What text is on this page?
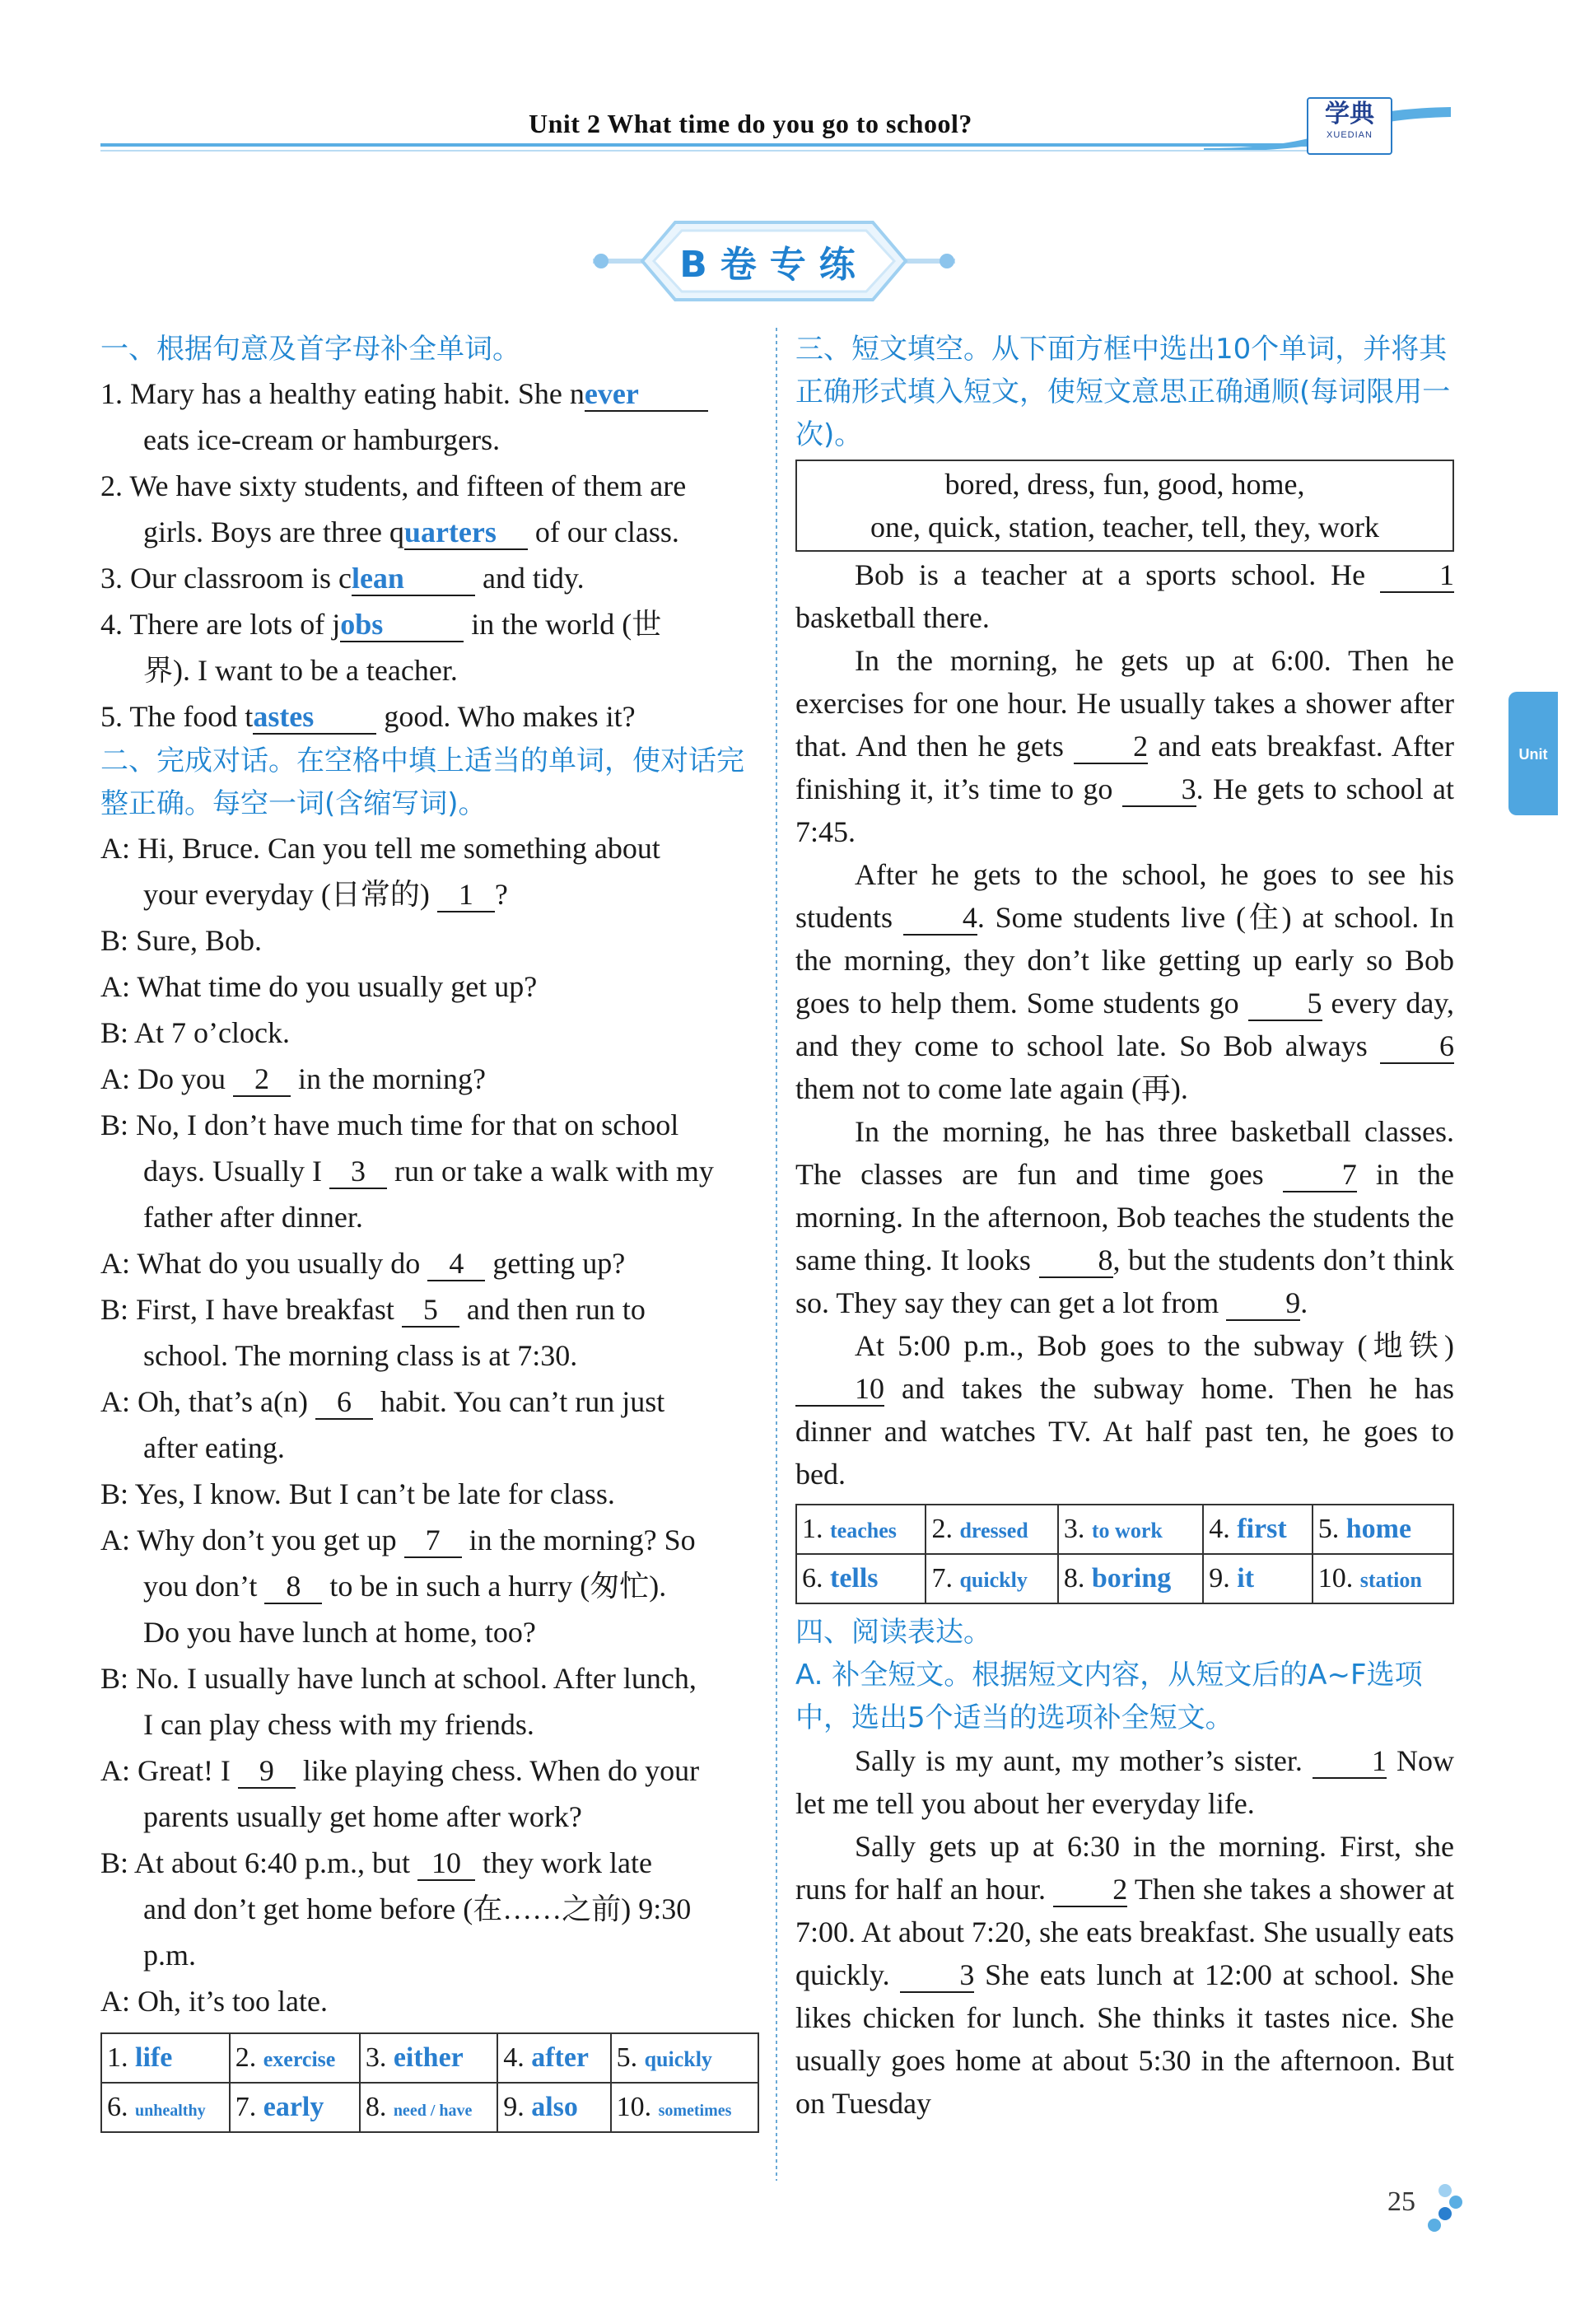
Unit 2 What time do you go to school?	学典
XUEDIAN
B卷专练
一、根据句意及首字母补全单词。
1. Mary has a healthy eating habit. She never
eats ice-cream or hamburgers.
2. We have sixty students, and fifteen of them are
girls. Boys are three quarters of our class.
3. Our classroom is clean and tidy.
4. There are lots of jobs	in the world (世
界). I want to be a teacher.
5. The food tastes good. Who makes it?
二、完成对话。在空格中填上适当的单词，使对话完整正确。每空一词(含缩写词)。
A: Hi, Bruce. Can you tell me something about
your everyday (日常的) 1 ?
B: Sure, Bob.
A: What time do you usually get up?
B: At 7 o’clock.
A: Do you 2 in the morning?
B: No, I don’t have much time for that on school
days. Usually I 3 run or take a walk with my
father after dinner.
A: What do you usually do 4 getting up?
B: First, I have breakfast 5 and then run to
school. The morning class is at 7:30.
A: Oh, that’s a(n) 6 habit. You can’t run just
after eating.
B: Yes, I know. But I can’t be late for class.
A: Why don’t you get up 7 in the morning? So
you don’t 8 to be in such a hurry (匆忙).
Do you have lunch at home, too?
B: No. I usually have lunch at school. After lunch,
I can play chess with my friends.
A: Great! I 9 like playing chess. When do your
parents usually get home after work?
B: At about 6:40 p.m., but 10 they work late
and don’t get home before (在……之前) 9:30
p.m.
A: Oh, it’s too late.
1. life	2. exercise	3. either	4. after	5. quickly
6. unhealthy	7. early	8. need / have	9. also	10. sometimes
三、短文填空。从下面方框中选出10个单词，并将其正确形式填入短文，使短文意思正确通顺(每词限用一次)。
bored, dress, fun, good, home,
one, quick, station, teacher, tell, they, work
Bob is a teacher at a sports school. He 1 basketball there.
In the morning, he gets up at 6:00. Then he exercises for one hour. He usually takes a shower after that. And then he gets 2 and eats breakfast. After finishing it, it’s time to go 3. He gets to school at 7:45.
After he gets to the school, he goes to see his students 4. Some students live (住) at school. In the morning, they don’t like getting up early so Bob goes to help them. Some students go 5 every day, and they come to school late. So Bob always 6 them not to come late again (再).
In the morning, he has three basketball classes. The classes are fun and time goes 7 in the morning. In the afternoon, Bob teaches the students the same thing. It looks 8, but the students don’t think so. They say they can get a lot from 9.
At 5:00 p.m., Bob goes to the subway (地铁) 10 and takes the subway home. Then he has dinner and watches TV. At half past ten, he goes to bed.
1. teaches	2. dressed	3. to work	4. first	5. home
6. tells	7. quickly	8. boring	9. it	10. station
四、阅读表达。
A. 补全短文。根据短文内容，从短文后的A~F选项中，选出5个适当的选项补全短文。
Sally is my aunt, my mother’s sister. 1 Now let me tell you about her everyday life.
Sally gets up at 6:30 in the morning. First, she runs for half an hour. 2 Then she takes a shower at 7:00. At about 7:20, she eats breakfast. She usually eats quickly. 3 She eats lunch at 12:00 at school. She likes chicken for lunch. She thinks it tastes nice. She usually goes home at about 5:30 in the afternoon. But on Tuesday
Unit
25
